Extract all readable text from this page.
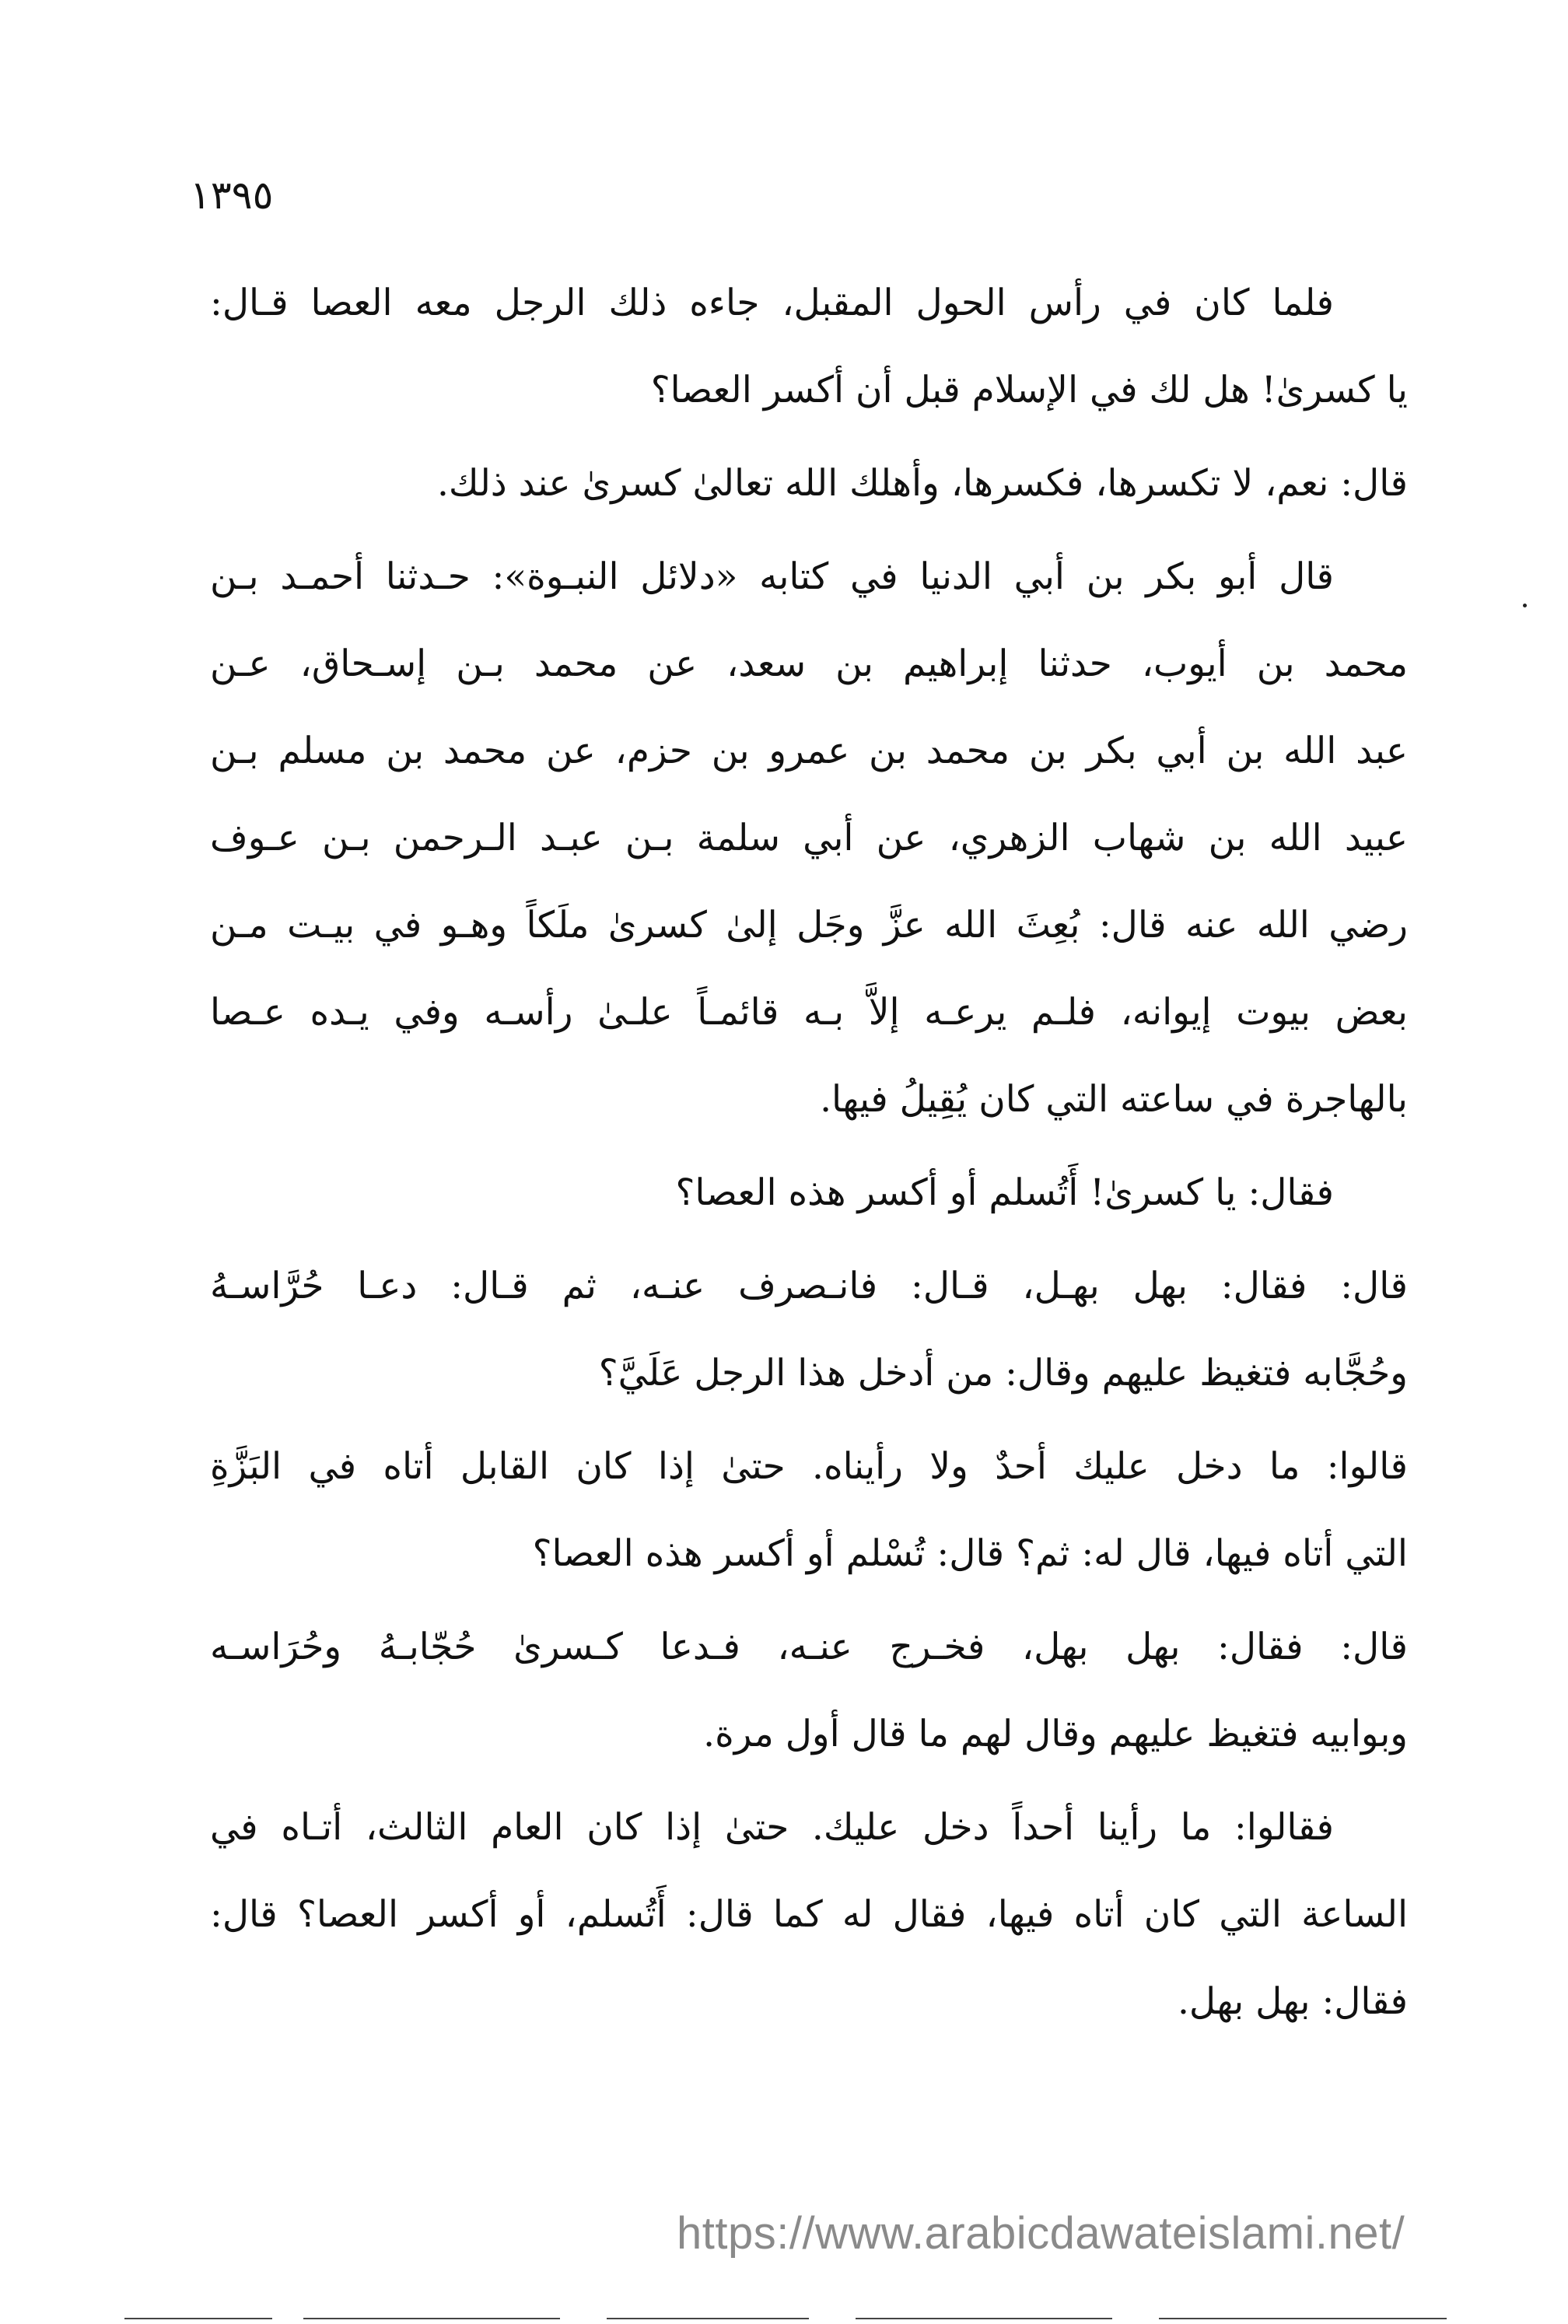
١٣٩٥
فلما كان في رأس الحول المقبل، جاءه ذلك الرجل معه العصا قـال:
يا كسرىٰ! هل لك في الإسلام قبل أن أكسر العصا؟
قال: نعم، لا تكسرها، فكسرها، وأهلك الله تعالىٰ كسرىٰ عند ذلك.
قال أبو بكر بن أبي الدنيا في كتابه «دلائل النبـوة»: حـدثنا أحمـد بـن
محمد بن أيوب، حدثنا إبراهيم بن سعد، عن محمد بـن إسـحاق، عـن
عبد الله بن أبي بكر بن محمد بن عمرو بن حزم، عن محمد بن مسلم بـن
عبيد الله بن شهاب الزهري، عن أبي سلمة بـن عبـد الـرحمن بـن عـوف
رضي الله عنه قال: بُعِثَ الله عزَّ وجَل إلىٰ كسرىٰ ملَكاً وهـو في بيـت مـن
بعض بيوت إيوانه، فلـم يرعـه إلاَّ بـه قائمـاً علـىٰ رأسـه وفي يـده عـصا
بالهاجرة في ساعته التي كان يُقِيلُ فيها.
فقال: يا كسرىٰ! أَتُسلم أو أكسر هذه العصا؟
قال: فقال: بهل بهـل، قـال: فانـصرف عنـه، ثم قـال: دعـا حُرَّاسـهُ
وحُجَّابه فتغيظ عليهم وقال: من أدخل هذا الرجل عَلَيَّ؟
قالوا: ما دخل عليك أحدٌ ولا رأيناه. حتىٰ إذا كان القابل أتاه في البَزَّةِ
التي أتاه فيها، قال له: ثم؟ قال: تُسْلم أو أكسر هذه العصا؟
قال: فقال: بهل بهل، فخـرج عنـه، فـدعا كـسرىٰ حُجّابـهُ وحُرَاسـه
وبوابيه فتغيظ عليهم وقال لهم ما قال أول مرة.
فقالوا: ما رأينا أحداً دخل عليك. حتىٰ إذا كان العام الثالث، أتـاه في
الساعة التي كان أتاه فيها، فقال له كما قال: أَتُسلم، أو أكسر العصا؟ قال:
فقال: بهل بهل.
https://www.arabicdawateislami.net/
